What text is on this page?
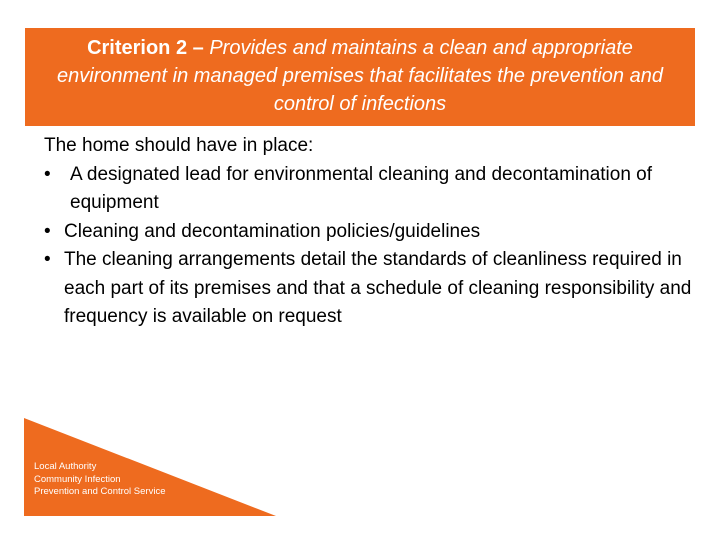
Criterion 2 – Provides and maintains a clean and appropriate environment in managed premises that facilitates the prevention and control of infections

The home should have in place:

• A designated lead for environmental cleaning and decontamination of equipment
• Cleaning and decontamination policies/guidelines
• The cleaning arrangements detail the standards of cleanliness required in each part of its premises and that a schedule of cleaning responsibility and frequency is available on request
Local Authority
Community Infection
Prevention and Control Service
